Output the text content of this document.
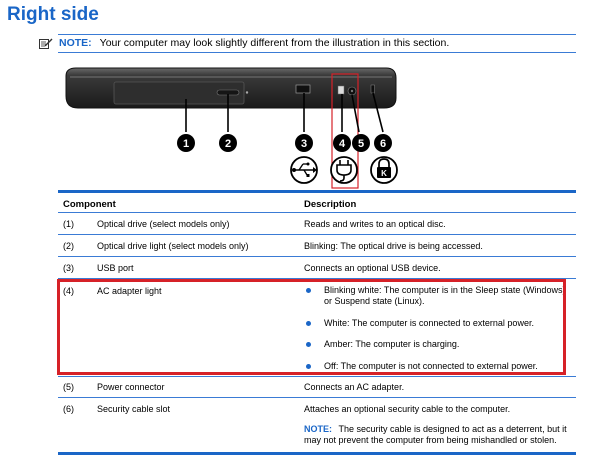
Right side
NOTE: Your computer may look slightly different from the illustration in this section.
1	2	3	4 5 6
K
Component	Description
(1)	Optical drive (select models only)	Reads and writes to an optical disc.
(2)	Optical drive light (select models only)	Blinking: The optical drive is being accessed.
(3)	USB port	Connects an optional USB device.
(4)	AC adapter light	Blinking white: The computer is in the Sleep state (Windows) or Suspend state (Linux).
White: The computer is connected to external power.
Amber: The computer is charging.
Off: The computer is not connected to external power.
(5)	Power connector	Connects an AC adapter.
(6)	Security cable slot	Attaches an optional security cable to the computer.
NOTE: The security cable is designed to act as a deterrent, but it may not prevent the computer from being mishandled or stolen.
